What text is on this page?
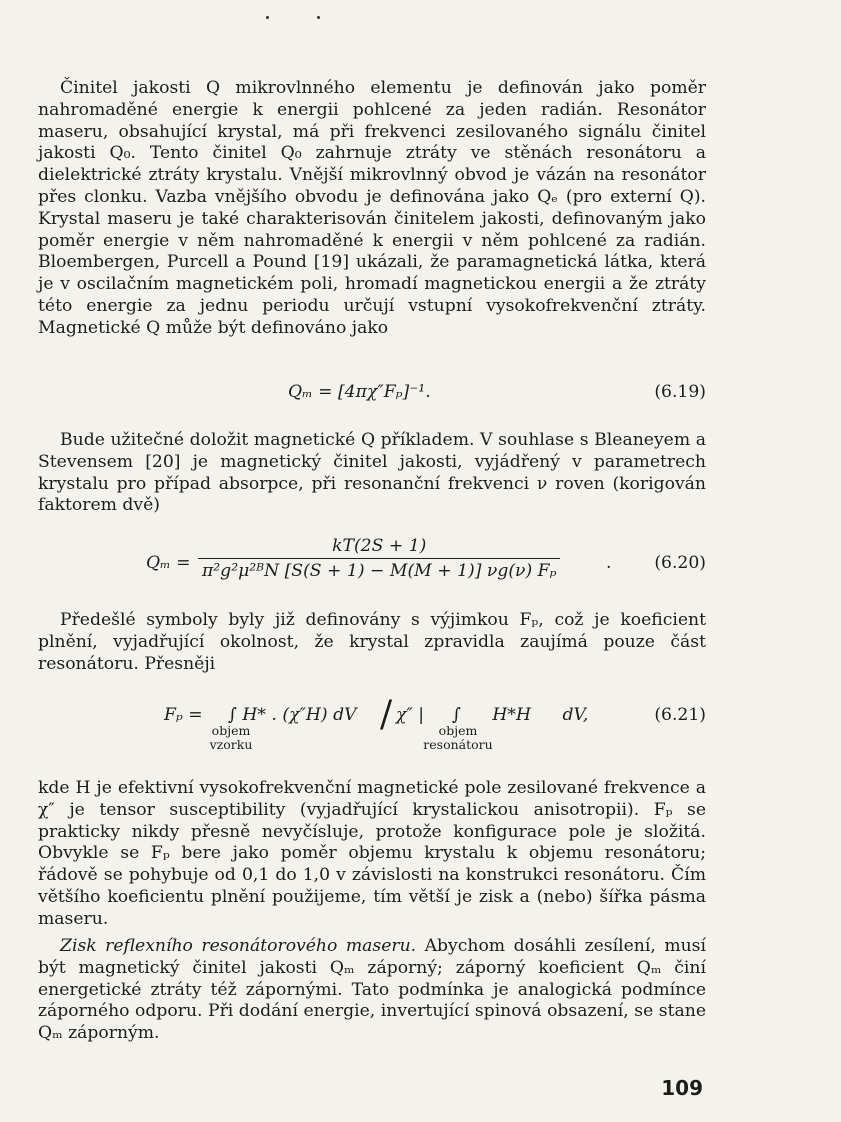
Činitel jakosti Q mikrovlnného elementu je definován jako poměr nahromaděné energie k energii pohlcené za jeden radián. Resonátor maseru, obsahující krystal, má při frekvenci zesilovaného signálu činitel jakosti Q₀. Tento činitel Q₀ zahrnuje ztráty ve stěnách resonátoru a dielektrické ztráty krystalu. Vnější mikrovlnný obvod je vázán na resonátor přes clonku. Vazba vnějšího obvodu je definována jako Qₑ (pro externí Q). Krystal maseru je také charakterisován činitelem jakosti, definovaným jako poměr energie v něm nahromaděné k energii v něm pohlcené za radián. Bloembergen, Purcell a Pound [19] ukázali, že paramagnetická látka, která je v oscilačním magnetickém poli, hromadí magnetickou energii a že ztráty této energie za jednu periodu určují vstupní vysokofrekvenční ztráty. Magnetické Q může být definováno jako

Qₘ = [4πχ″Fₚ]⁻¹.	(6.19)

Bude užitečné doložit magnetické Q příkladem. V souhlase s Bleaneyem a Stevensem [20] je magnetický činitel jakosti, vyjádřený v parametrech krystalu pro případ absorpce, při resonanční frekvenci ν roven (korigován faktorem dvě)

$Q_m = \frac{kT(2S + 1)}{\text{π²g²μ²ᴮN [S(S + 1) − M(M + 1)] νg(ν) Fₚ}}$	. (6.20)

Předešlé symboly byly již definovány s výjimkou Fₚ, což je koeficient plnění, vyjadřující okolnost, že krystal zpravidla zaujímá pouze část resonátoru. Přesněji

Fₚ = ∫ H* . (χ″H) dV / χ″ | ∫ H*H dV,
objem
vzorku
objem
resonátoru
(6.21)

kde H je efektivní vysokofrekvenční magnetické pole zesilované frekvence a χ″ je tensor susceptibility (vyjadřující krystalickou anisotropii). Fₚ se prakticky nikdy přesně nevyčísluje, protože konfigurace pole je složitá. Obvykle se Fₚ bere jako poměr objemu krystalu k objemu resonátoru; řádově se pohybuje od 0,1 do 1,0 v závislosti na konstrukci resonátoru. Čím většího koeficientu plnění použijeme, tím větší je zisk a (nebo) šířka pásma maseru.

Zisk reflexního resonátorového maseru. Abychom dosáhli zesílení, musí být magnetický činitel jakosti Qₘ záporný; záporný koeficient Qₘ činí energetické ztráty též zápornými. Tato podmínka je analogická podmínce záporného odporu. Při dodání energie, invertující spinová obsazení, se stane Qₘ záporným.

109
